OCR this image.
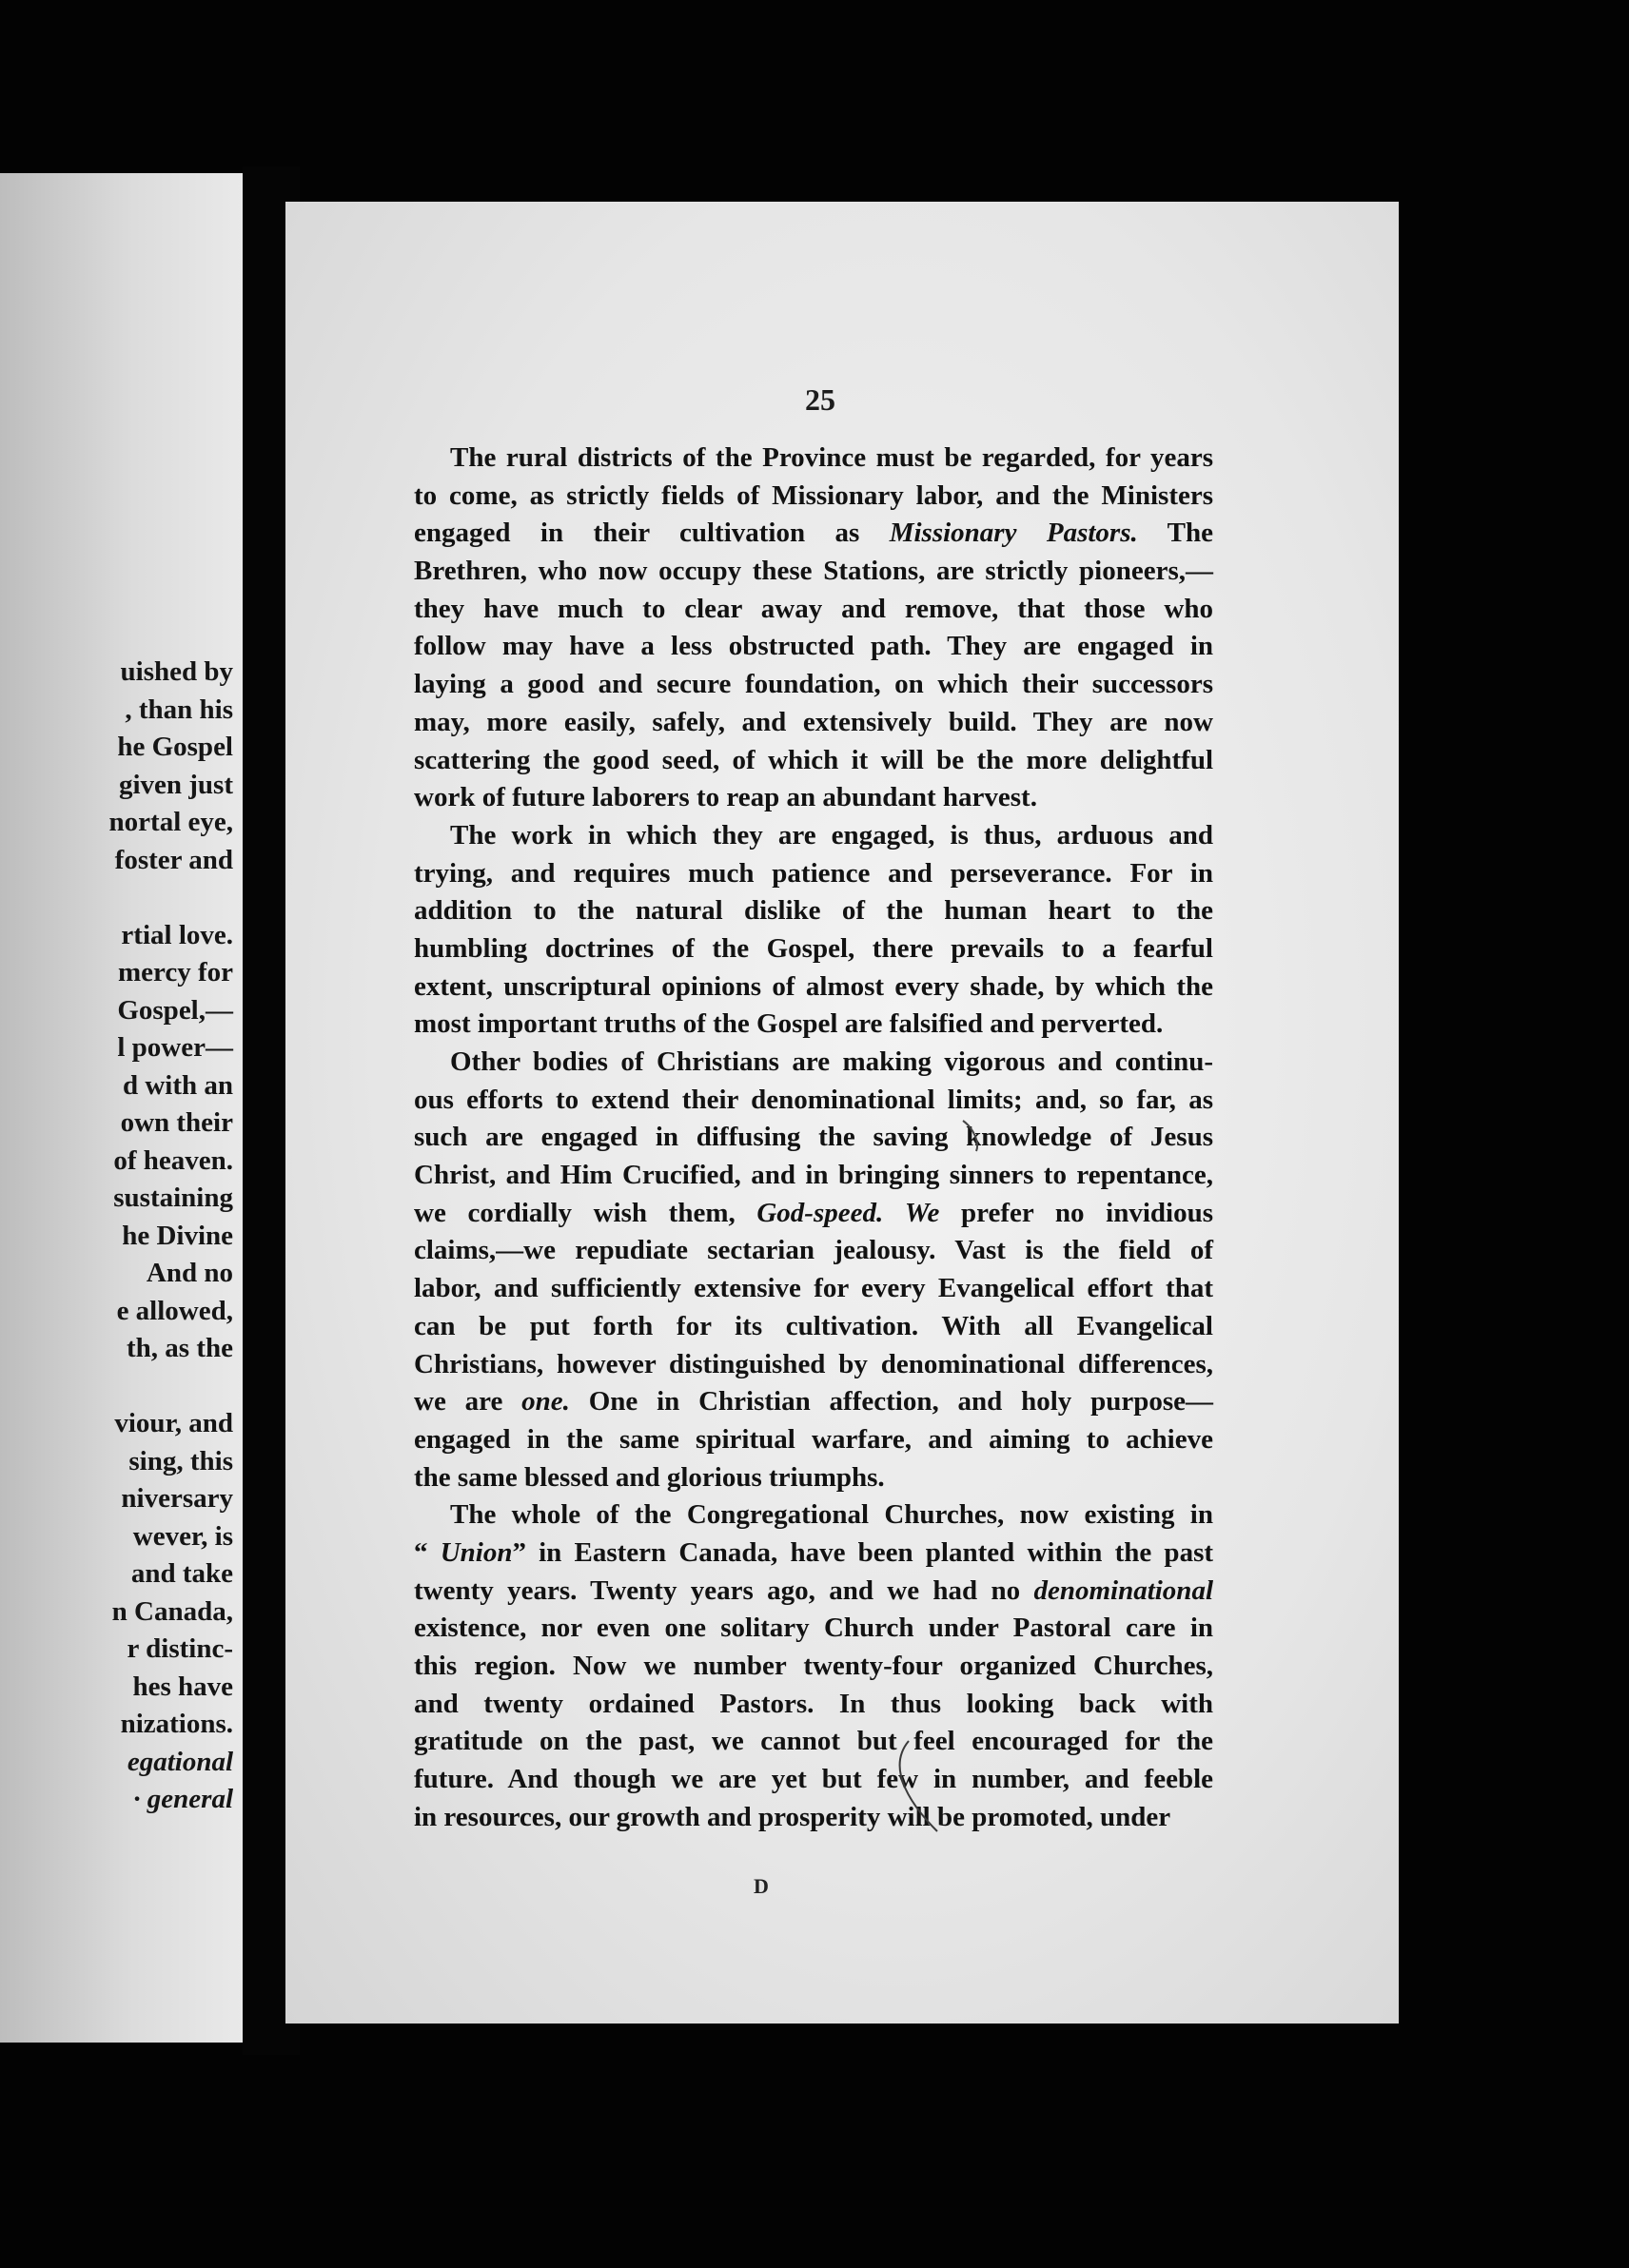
uished by
, than his
he Gospel
given just
nortal eye,
foster and
rtial love.
mercy for
Gospel,—
l power—
d with an
own their
of heaven.
sustaining
he Divine
And no
e allowed,
th, as the
viour, and
sing, this
niversary
wever, is
and take
n Canada,
r distinc-
hes have
nizations.
egational
· general
25
The rural districts of the Province must be regarded, for years
to come, as strictly fields of Missionary labor, and the Ministers
engaged in their cultivation as Missionary Pastors. The
Brethren, who now occupy these Stations, are strictly pioneers,—
they have much to clear away and remove, that those who
follow may have a less obstructed path. They are engaged in
laying a good and secure foundation, on which their successors
may, more easily, safely, and extensively build. They are now
scattering the good seed, of which it will be the more delightful
work of future laborers to reap an abundant harvest.
The work in which they are engaged, is thus, arduous and
trying, and requires much patience and perseverance. For in
addition to the natural dislike of the human heart to the
humbling doctrines of the Gospel, there prevails to a fearful
extent, unscriptural opinions of almost every shade, by which the
most important truths of the Gospel are falsified and perverted.
Other bodies of Christians are making vigorous and continu-
ous efforts to extend their denominational limits; and, so far, as
such are engaged in diffusing the saving knowledge of Jesus
Christ, and Him Crucified, and in bringing sinners to repentance,
we cordially wish them, God-speed. We prefer no invidious
claims,—we repudiate sectarian jealousy. Vast is the field of
labor, and sufficiently extensive for every Evangelical effort that
can be put forth for its cultivation. With all Evangelical
Christians, however distinguished by denominational differences,
we are one. One in Christian affection, and holy purpose—
engaged in the same spiritual warfare, and aiming to achieve
the same blessed and glorious triumphs.
The whole of the Congregational Churches, now existing in
“ Union” in Eastern Canada, have been planted within the past
twenty years. Twenty years ago, and we had no denominational
existence, nor even one solitary Church under Pastoral care in
this region. Now we number twenty-four organized Churches,
and twenty ordained Pastors. In thus looking back with
gratitude on the past, we cannot but feel encouraged for the
future. And though we are yet but few in number, and feeble
in resources, our growth and prosperity will be promoted, under
D
